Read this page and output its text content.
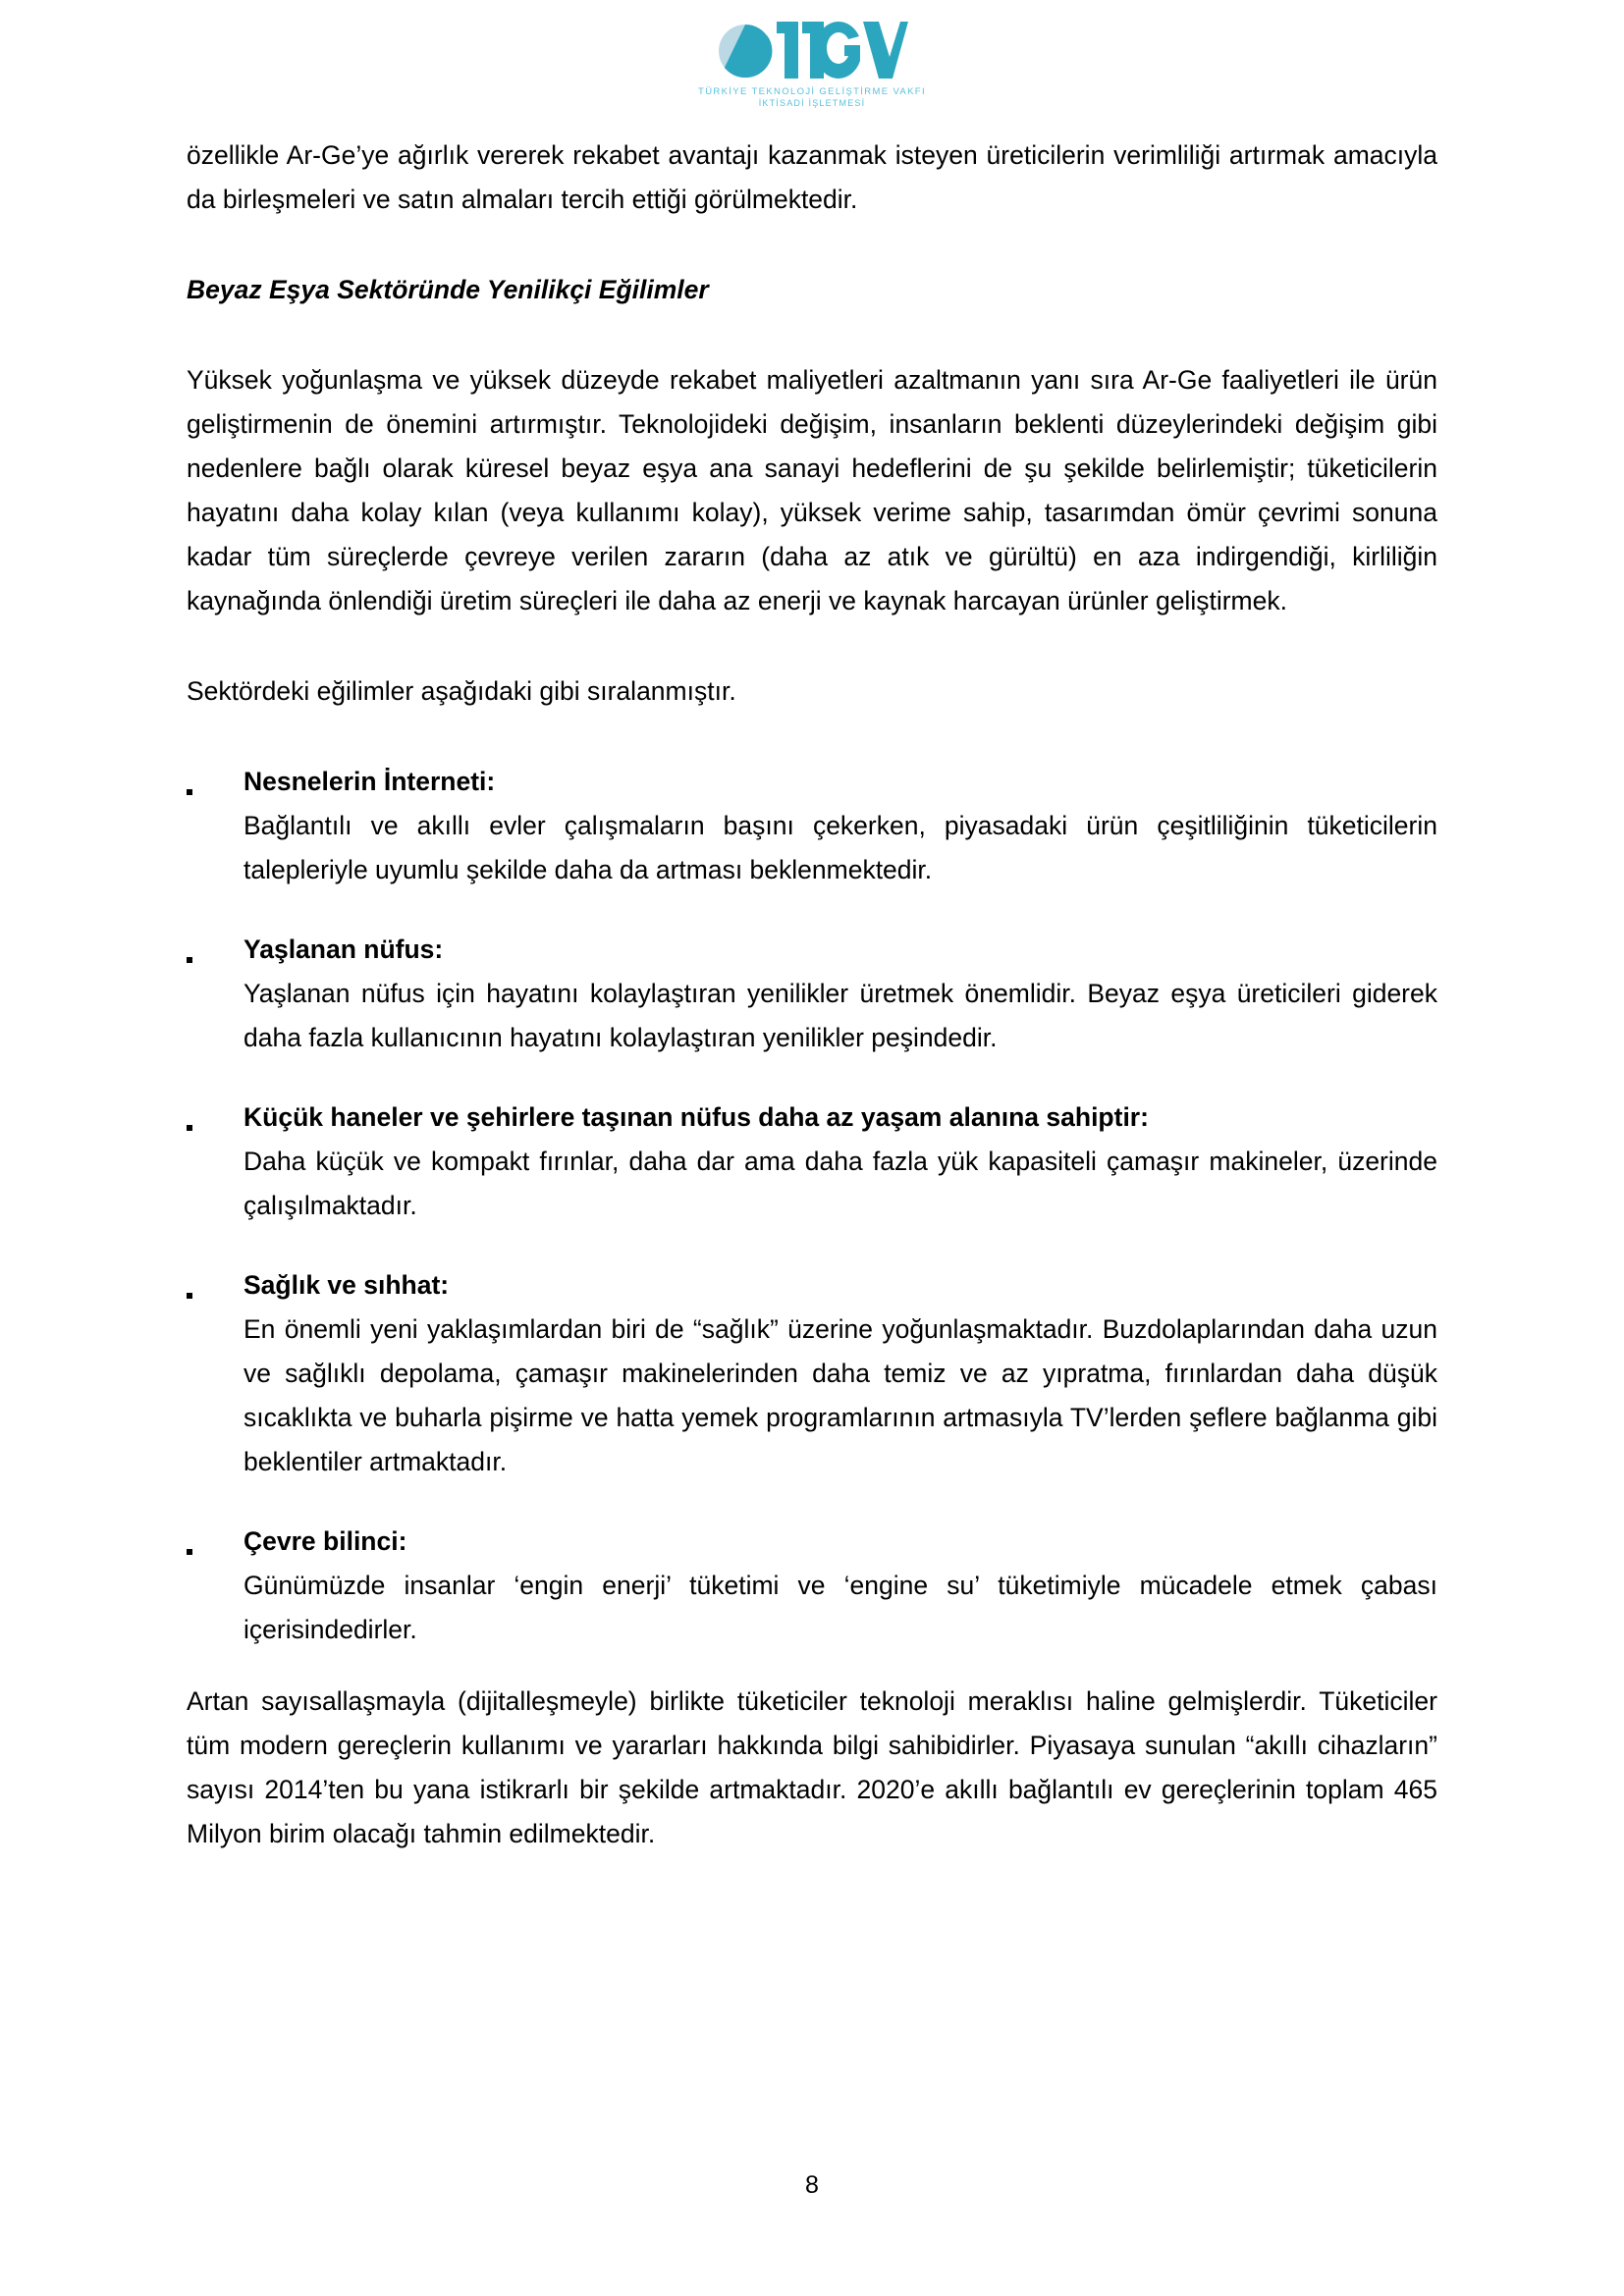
TÜRKİYE TEKNOLOJİ GELİŞTİRME VAKFI
İKTİSADİ İŞLETMESİ

özellikle Ar-Ge’ye ağırlık vererek rekabet avantajı kazanmak isteyen üreticilerin verimliliği artırmak amacıyla da birleşmeleri ve satın almaları tercih ettiği görülmektedir.

Beyaz Eşya Sektöründe Yenilikçi Eğilimler

Yüksek yoğunlaşma ve yüksek düzeyde rekabet maliyetleri azaltmanın yanı sıra Ar-Ge faaliyetleri ile ürün geliştirmenin de önemini artırmıştır. Teknolojideki değişim, insanların beklenti düzeylerindeki değişim gibi nedenlere bağlı olarak küresel beyaz eşya ana sanayi hedeflerini de şu şekilde belirlemiştir; tüketicilerin hayatını daha kolay kılan (veya kullanımı kolay), yüksek verime sahip, tasarımdan ömür çevrimi sonuna kadar tüm süreçlerde çevreye verilen zararın (daha az atık ve gürültü) en aza indirgendiği, kirliliğin kaynağında önlendiği üretim süreçleri ile daha az enerji ve kaynak harcayan ürünler geliştirmek.

Sektördeki eğilimler aşağıdaki gibi sıralanmıştır.

Nesnelerin İnterneti:
Bağlantılı ve akıllı evler çalışmaların başını çekerken, piyasadaki ürün çeşitliliğinin tüketicilerin talepleriyle uyumlu şekilde daha da artması beklenmektedir.
Yaşlanan nüfus:
Yaşlanan nüfus için hayatını kolaylaştıran yenilikler üretmek önemlidir. Beyaz eşya üreticileri giderek daha fazla kullanıcının hayatını kolaylaştıran yenilikler peşindedir.
Küçük haneler ve şehirlere taşınan nüfus daha az yaşam alanına sahiptir:
Daha küçük ve kompakt fırınlar, daha dar ama daha fazla yük kapasiteli çamaşır makineler, üzerinde çalışılmaktadır.
Sağlık ve sıhhat:
En önemli yeni yaklaşımlardan biri de “sağlık” üzerine yoğunlaşmaktadır. Buzdolaplarından daha uzun ve sağlıklı depolama, çamaşır makinelerinden daha temiz ve az yıpratma, fırınlardan daha düşük sıcaklıkta ve buharla pişirme ve hatta yemek programlarının artmasıyla TV’lerden şeflere bağlanma gibi beklentiler artmaktadır.
Çevre bilinci:
Günümüzde insanlar ‘engin enerji’ tüketimi ve ‘engine su’ tüketimiyle mücadele etmek çabası içerisindedirler.

Artan sayısallaşmayla (dijitalleşmeyle) birlikte tüketiciler teknoloji meraklısı haline gelmişlerdir. Tüketiciler tüm modern gereçlerin kullanımı ve yararları hakkında bilgi sahibidirler. Piyasaya sunulan “akıllı cihazların” sayısı 2014’ten bu yana istikrarlı bir şekilde artmaktadır. 2020’e akıllı bağlantılı ev gereçlerinin toplam 465 Milyon birim olacağı tahmin edilmektedir.

8
